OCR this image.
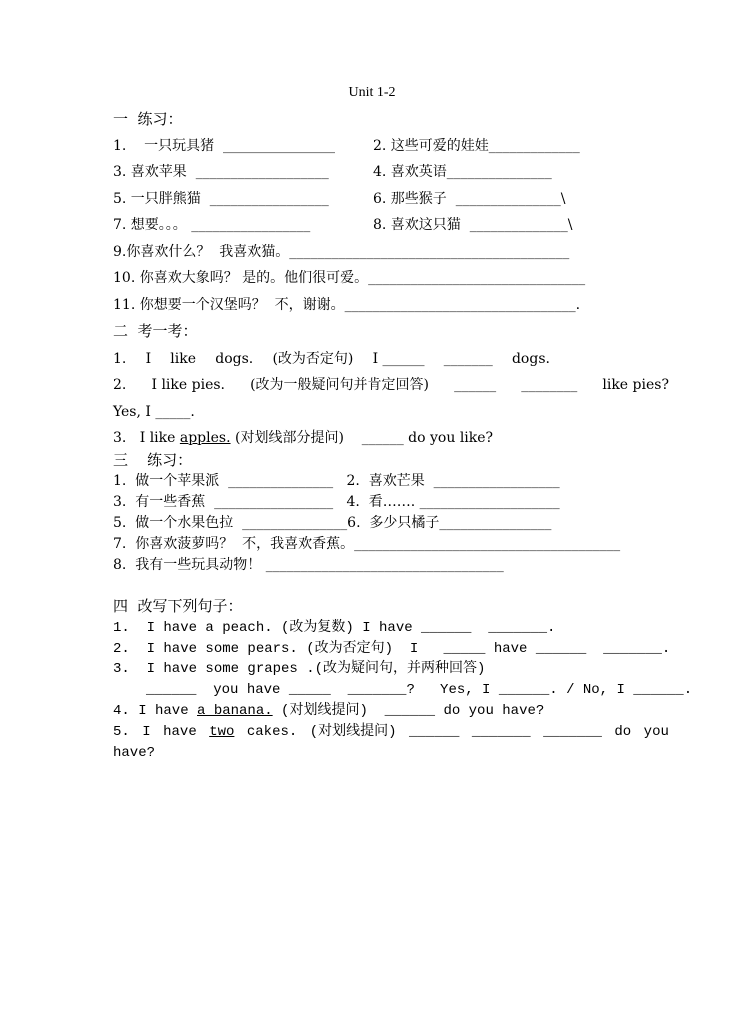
Unit 1-2
一  练习：
1.    一只玩具猪  ________________	2. 这些可爱的娃娃_____________
3. 喜欢苹果  ___________________	4. 喜欢英语_______________
5. 一只胖熊猫  _________________	6. 那些猴子  _______________\
7. 想要。。。 _________________	8. 喜欢这只猫  ______________\
9.你喜欢什么？  我喜欢猫。________________________________________
10. 你喜欢大象吗？ 是的。他们很可爱。_______________________________
11. 你想要一个汉堡吗？  不，谢谢。_________________________________.
二  考一考：
1. I like dogs. (改为否定句) I ______ _______ dogs.
2. I like pies. (改为一般疑问句并肯定回答) ______ ________ like pies?
Yes, I _____.
3.   I like apples. (对划线部分提问)    ______ do you like?
三    练习：
1.  做一个苹果派  _______________   2.  喜欢芒果  __________________
3.  有一些香蕉  _________________   4.  看……. ____________________
5.  做一个水果色拉  _______________6.  多少只橘子________________
7.  你喜欢菠萝吗？  不，我喜欢香蕉。______________________________________
8.  我有一些玩具动物！ __________________________________
四  改写下列句子：
1.  I have a peach. (改为复数) I have ______  _______.
2.  I have some pears. (改为否定句)  I   _____ have ______  _______.
3.  I have some grapes .(改为疑问句，并两种回答)
______  you have _____  _______?   Yes, I ______. / No, I ______.
4. I have a banana. (对划线提问)  ______ do you have?
5. I have two cakes. (对划线提问) ______ _______ _______ do you
have?
